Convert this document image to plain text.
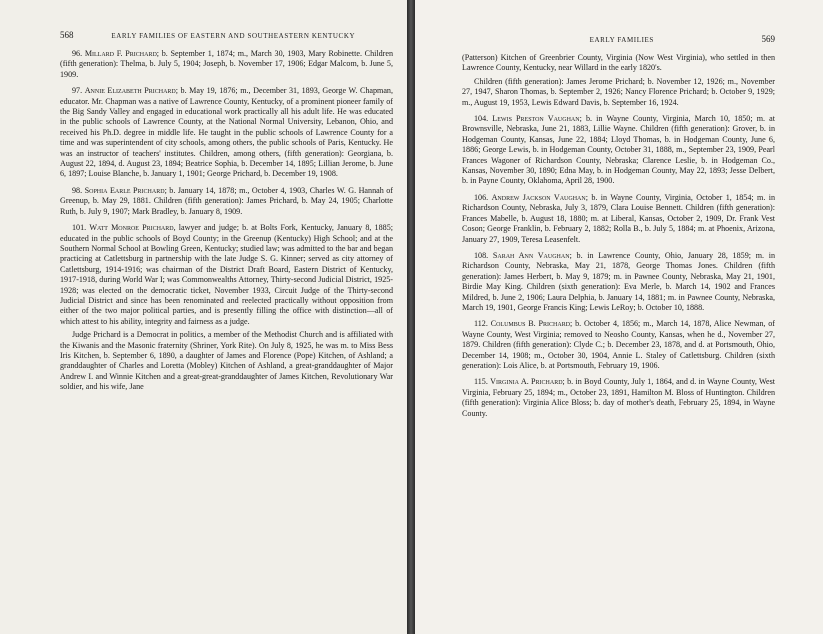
568	EARLY FAMILIES OF EASTERN AND SOUTHEASTERN KENTUCKY

96. Millard F. Prichard; b. September 1, 1874; m., March 30, 1903, Mary Robinette. Children (fifth generation): Thelma, b. July 5, 1904; Joseph, b. November 17, 1906; Edgar Malcom, b. June 5, 1909.

97. Annie Elizabeth Prichard; b. May 19, 1876; m., December 31, 1893, George W. Chapman, educator. Mr. Chapman was a native of Lawrence County, Kentucky, of a prominent pioneer family of the Big Sandy Valley and engaged in educational work practically all his adult life. He was educated in the public schools of Lawrence County, at the National Normal University, Lebanon, Ohio, and received his Ph.D. degree in middle life. He taught in the public schools of Lawrence County for a time and was superintendent of city schools, among others, the public schools of Paris, Kentucky. He was an instructor of teachers' institutes. Children, among others, (fifth generation): Georgiana, b. August 22, 1894, d. August 23, 1894; Beatrice Sophia, b. December 14, 1895; Lillian Jerome, b. June 6, 1897; Louise Blanche, b. January 1, 1901; George Prichard, b. December 19, 1908.

98. Sophia Earle Prichard; b. January 14, 1878; m., October 4, 1903, Charles W. G. Hannah of Greenup, b. May 29, 1881. Children (fifth generation): James Prichard, b. May 24, 1905; Charlotte Ruth, b. July 9, 1907; Mark Bradley, b. January 8, 1909.

101. Watt Monroe Prichard, lawyer and judge; b. at Bolts Fork, Kentucky, January 8, 1885; educated in the public schools of Boyd County; in the Greenup (Kentucky) High School; and at the Southern Normal School at Bowling Green, Kentucky; studied law; was admitted to the bar and began practicing at Catlettsburg in partnership with the late Judge S. G. Kinner; served as city attorney of Catlettsburg, 1914-1916; was chairman of the District Draft Board, Eastern District of Kentucky, 1917-1918, during World War I; was Commonwealths Attorney, Thirty-second Judicial District, 1925-1928; was elected on the democratic ticket, November 1933, Circuit Judge of the Thirty-second Judicial District and since has been renominated and reelected practically without opposition from either of the two major political parties, and is presently filling the office with distinction—all of which attest to his ability, integrity and fairness as a judge.

Judge Prichard is a Democrat in politics, a member of the Methodist Church and is affiliated with the Kiwanis and the Masonic fraternity (Shriner, York Rite). On July 8, 1925, he was m. to Miss Bess Iris Kitchen, b. September 6, 1890, a daughter of James and Florence (Pope) Kitchen, of Ashland; a granddaughter of Charles and Loretta (Mobley) Kitchen of Ashland, a great-granddaughter of Major Andrew I. and Winnie Kitchen and a great-great-granddaughter of James Kitchen, Revolutionary War soldier, and his wife, Jane

EARLY FAMILIES	569

(Patterson) Kitchen of Greenbrier County, Virginia (Now West Virginia), who settled in then Lawrence County, Kentucky, near Willard in the early 1820's.

Children (fifth generation): James Jerome Prichard; b. November 12, 1926; m., November 27, 1947, Sharon Thomas, b. September 2, 1926; Nancy Florence Prichard; b. October 9, 1929; m., August 19, 1953, Lewis Edward Davis, b. September 16, 1924.

104. Lewis Preston Vaughan; b. in Wayne County, Virginia, March 10, 1850; m. at Brownsville, Nebraska, June 21, 1883, Lillie Wayne. Children (fifth generation): Grover, b. in Hodgeman County, Kansas, June 22, 1884; Lloyd Thomas, b. in Hodgeman County, June 6, 1886; George Lewis, b. in Hodgeman County, October 31, 1888, m., September 23, 1909, Pearl Frances Wagoner of Richardson County, Nebraska; Clarence Leslie, b. in Hodgeman Co., Kansas, November 30, 1890; Edna May, b. in Hodgeman County, May 22, 1893; Jesse Delbert, b. in Payne County, Oklahoma, April 28, 1900.

106. Andrew Jackson Vaughan; b. in Wayne County, Virginia, October 1, 1854; m. in Richardson County, Nebraska, July 3, 1879, Clara Louise Bennett. Children (fifth generation): Frances Mabelle, b. August 18, 1880; m. at Liberal, Kansas, October 2, 1909, Dr. Frank Vest Coson; George Franklin, b. February 2, 1882; Rolla B., b. July 5, 1884; m. at Phoenix, Arizona, January 27, 1909, Teresa Leasenfelt.

108. Sarah Ann Vaughan; b. in Lawrence County, Ohio, January 28, 1859; m. in Richardson County, Nebraska, May 21, 1878, George Thomas Jones. Children (fifth generation): James Herbert, b. May 9, 1879; m. in Pawnee County, Nebraska, May 21, 1901, Birdie May King. Children (sixth generation): Eva Merle, b. March 14, 1902 and Frances Mildred, b. June 2, 1906; Laura Delphia, b. January 14, 1881; m. in Pawnee County, Nebraska, March 19, 1901, George Francis King; Lewis LeRoy; b. October 10, 1888.

112. Columbus B. Prichard; b. October 4, 1856; m., March 14, 1878, Alice Newman, of Wayne County, West Virginia; removed to Neosho County, Kansas, when he d., November 27, 1879. Children (fifth generation): Clyde C.; b. December 23, 1878, and d. at Portsmouth, Ohio, December 14, 1908; m., October 30, 1904, Annie L. Staley of Catlettsburg. Children (sixth generation): Lois Alice, b. at Portsmouth, February 19, 1906.

115. Virginia A. Prichard; b. in Boyd County, July 1, 1864, and d. in Wayne County, West Virginia, February 25, 1894; m., October 23, 1891, Hamilton M. Bloss of Huntington. Children (fifth generation): Virginia Alice Bloss; b. day of mother's death, February 25, 1894, in Wayne County.
